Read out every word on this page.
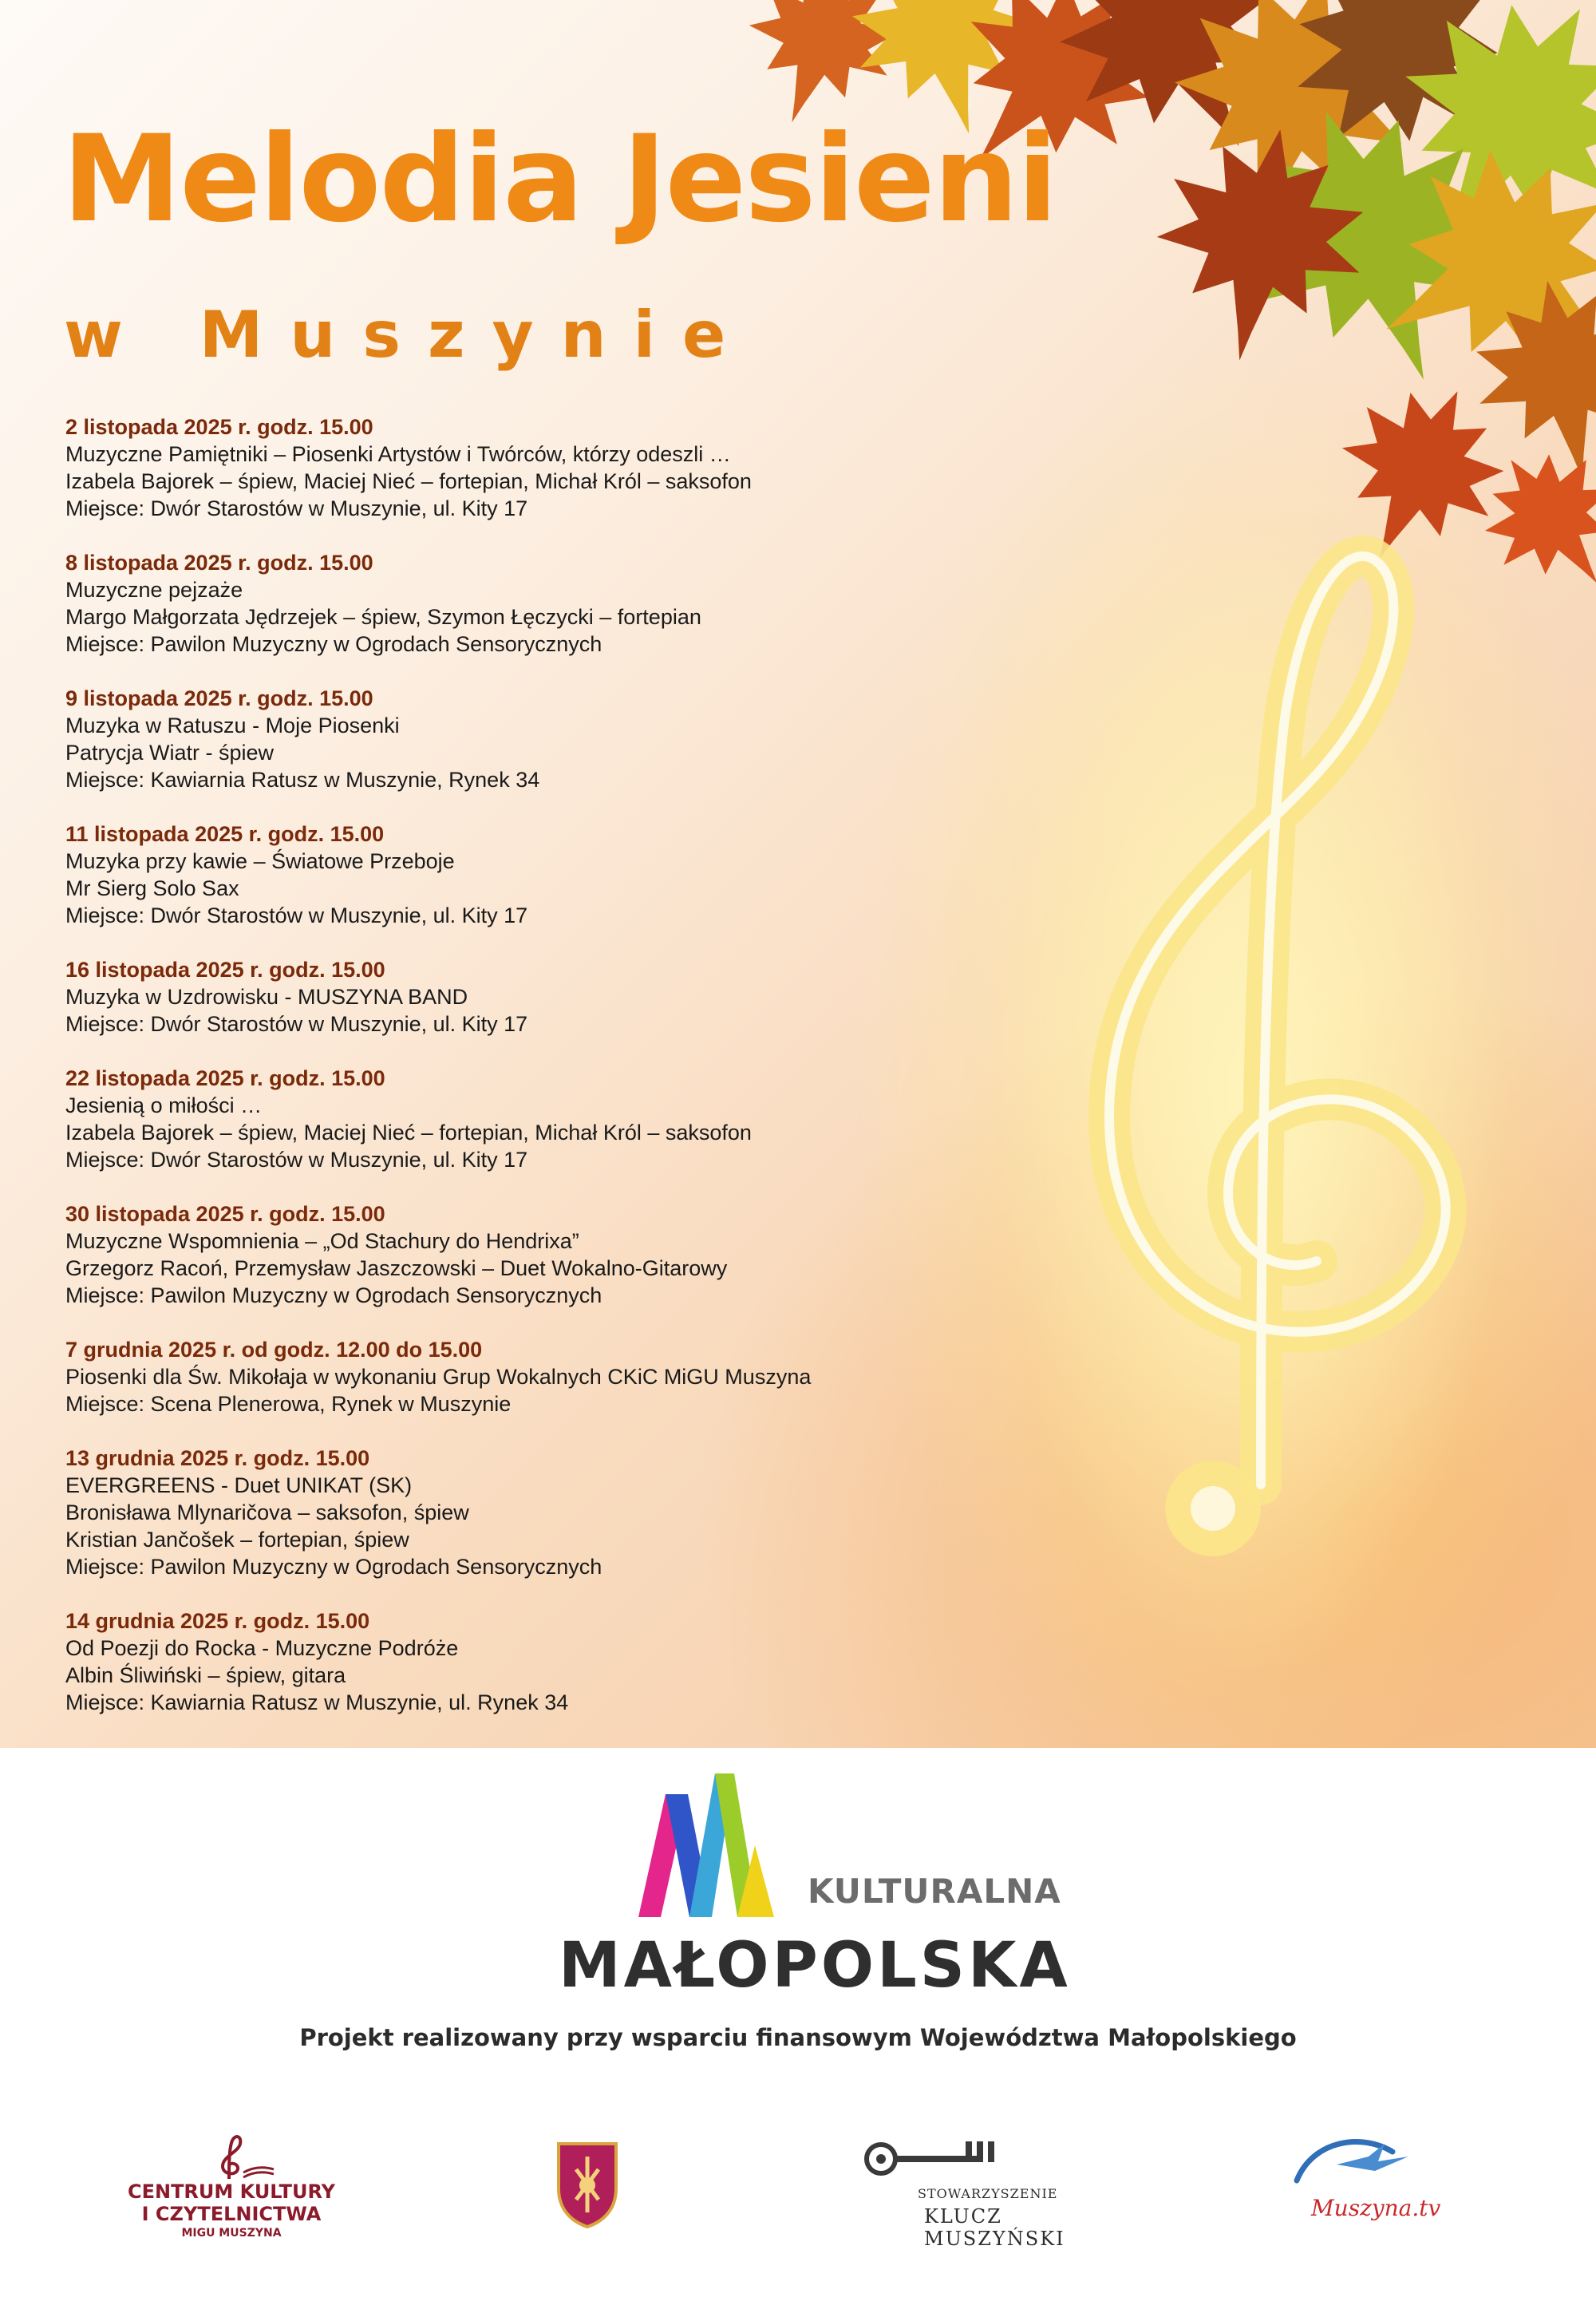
Melodia Jesieni
w Muszynie
2 listopada 2025 r. godz. 15.00
Muzyczne Pamiętniki – Piosenki Artystów i Twórców, którzy odeszli …
Izabela Bajorek – śpiew, Maciej Nieć – fortepian, Michał Król – saksofon
Miejsce: Dwór Starostów w Muszynie, ul. Kity 17
8 listopada 2025 r. godz. 15.00
Muzyczne pejzaże
Margo Małgorzata Jędrzejek – śpiew, Szymon Łęczycki – fortepian
Miejsce: Pawilon Muzyczny w Ogrodach Sensorycznych
9 listopada 2025 r. godz. 15.00
Muzyka w Ratuszu - Moje Piosenki
Patrycja Wiatr - śpiew
Miejsce: Kawiarnia Ratusz w Muszynie, Rynek 34
11 listopada 2025 r. godz. 15.00
Muzyka przy kawie – Światowe Przeboje
Mr Sierg Solo Sax
Miejsce: Dwór Starostów w Muszynie, ul. Kity 17
16 listopada 2025 r. godz. 15.00
Muzyka w Uzdrowisku - MUSZYNA BAND
Miejsce: Dwór Starostów w Muszynie, ul. Kity 17
22 listopada 2025 r. godz. 15.00
Jesienią o miłości …
Izabela Bajorek – śpiew, Maciej Nieć – fortepian, Michał Król – saksofon
Miejsce: Dwór Starostów w Muszynie, ul. Kity 17
30 listopada 2025 r. godz. 15.00
Muzyczne Wspomnienia – „Od Stachury do Hendrixa”
Grzegorz Racoń, Przemysław Jaszczowski – Duet Wokalno-Gitarowy
Miejsce: Pawilon Muzyczny w Ogrodach Sensorycznych
7 grudnia 2025 r. od godz. 12.00 do 15.00
Piosenki dla Św. Mikołaja w wykonaniu Grup Wokalnych CKiC MiGU Muszyna
Miejsce: Scena Plenerowa, Rynek w Muszynie
13 grudnia 2025 r. godz. 15.00
EVERGREENS - Duet UNIKAT (SK)
Bronisława Mlynaričova – saksofon, śpiew
Kristian Jančošek – fortepian, śpiew
Miejsce: Pawilon Muzyczny w Ogrodach Sensorycznych
14 grudnia 2025 r. godz. 15.00
Od Poezji do Rocka - Muzyczne Podróże
Albin Śliwiński – śpiew, gitara
Miejsce: Kawiarnia Ratusz w Muszynie, ul. Rynek 34
KULTURALNA
MAŁOPOLSKA
Projekt realizowany przy wsparciu finansowym Województwa Małopolskiego
CENTRUM KULTURY
I CZYTELNICTWA
MIGU MUSZYNA
STOWARZYSZENIE
KLUCZ
MUSZYŃSKI
Muszyna.tv
